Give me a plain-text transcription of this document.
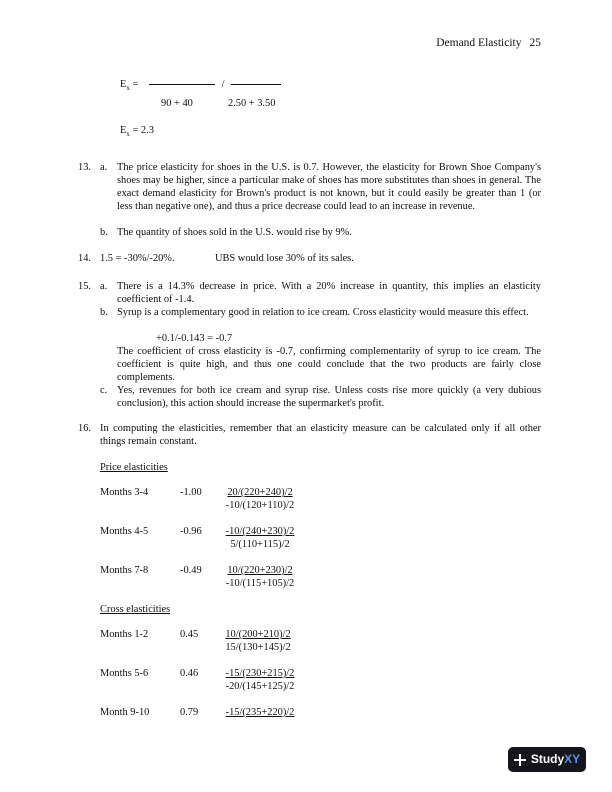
Demand Elasticity 25
$E_x$ =	/
90 + 40	2.50 + 3.50
$E_x = 2.3$
13. a. The price elasticity for shoes in the U.S. is 0.7. However, the elasticity for Brown Shoe Company's shoes may be higher, since a particular make of shoes has more substitutes than shoes in general. The exact demand elasticity for Brown's product is not known, but it could easily be greater than 1 (or less than negative one), and thus a price decrease could lead to an increase in revenue.
b. The quantity of shoes sold in the U.S. would rise by 9%.
14. 1.5 = -30%/-20%.	UBS would lose 30% of its sales.
15. a. There is a 14.3% decrease in price. With a 20% increase in quantity, this implies an elasticity coefficient of -1.4.
b. Syrup is a complementary good in relation to ice cream. Cross elasticity would measure this effect.
+0.1/-0.143 = -0.7
The coefficient of cross elasticity is -0.7, confirming complementarity of syrup to ice cream. The coefficient is quite high, and thus one could conclude that the two products are fairly close complements.
c. Yes, revenues for both ice cream and syrup rise. Unless costs rise more quickly (a very dubious conclusion), this action should increase the supermarket's profit.
16. In computing the elasticities, remember that an elasticity measure can be calculated only if all other things remain constant.
Price elasticities
Months 3-4	$-1.00 \frac{20/(220+240)/2}{-10/(120+110)/2}$
Months 4-5	$-0.96 \frac{-10/(240+230)/2}{5/(110+115)/2}$
Months 7-8	$-0.49 \frac{10/(220+230)/2}{-10/(115+105)/2}$
Cross elasticities
Months 1-2	$0.45 \frac{10/(200+210)/2}{15/(130+145)/2}$
Months 5-6	$0.46 \frac{-15/(230+215)/2}{-20/(145+125)/2}$
Month 9-10	0.79	-15/(235+220)/2
StudyXY
